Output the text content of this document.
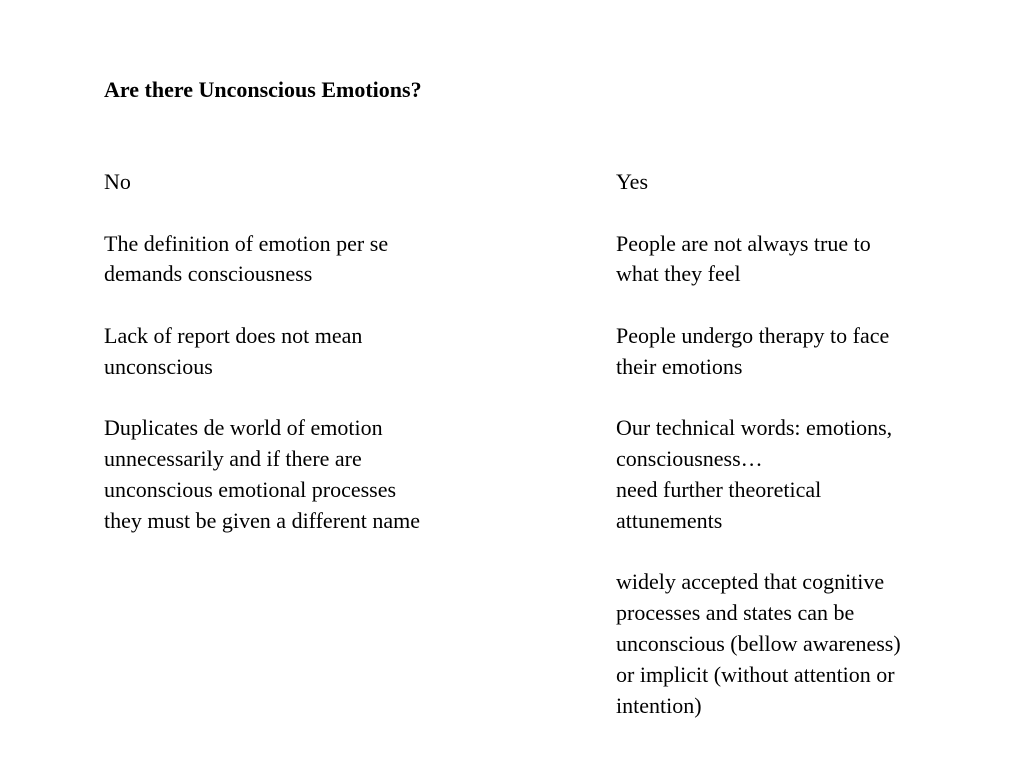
Are there Unconscious Emotions?

No

The definition of emotion per se
demands consciousness

Lack of report does not mean
unconscious

Duplicates de world of emotion
unnecessarily and if there are
unconscious emotional processes
they must be given a different name

Yes

People are not always true to
what they feel

People undergo therapy to face
their emotions

Our technical words: emotions,
consciousness…
need further theoretical
attunements

widely accepted that cognitive
processes and states can be
unconscious (bellow awareness)
or implicit (without attention or
intention)
